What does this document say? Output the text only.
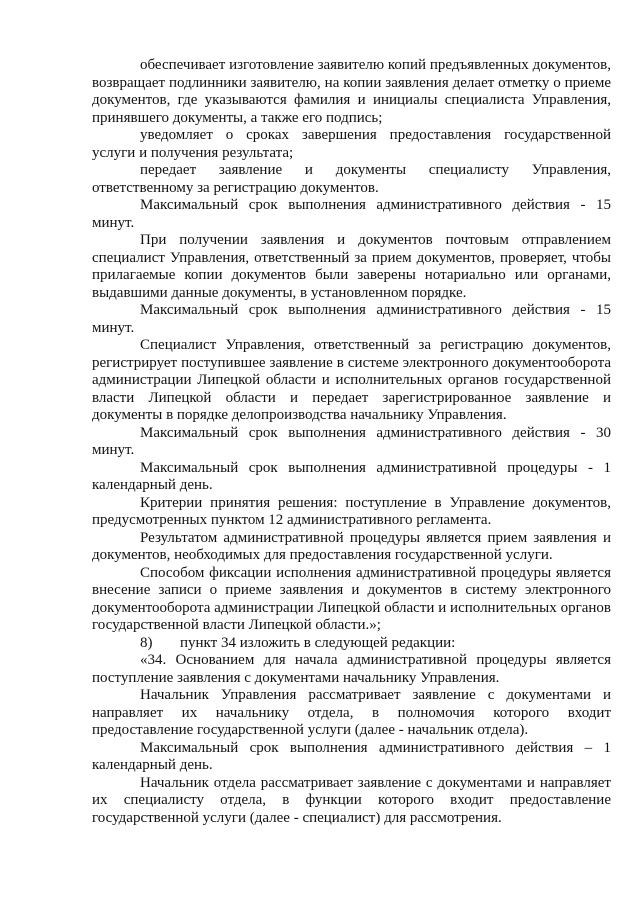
обеспечивает изготовление заявителю копий предъявленных документов, возвращает подлинники заявителю, на копии заявления делает отметку о приеме документов, где указываются фамилия и инициалы специалиста Управления, принявшего документы, а также его подпись;

уведомляет о сроках завершения предоставления государственной услуги и получения результата;

передает заявление и документы специалисту Управления, ответственному за регистрацию документов.

Максимальный срок выполнения административного действия - 15 минут.

При получении заявления и документов почтовым отправлением специалист Управления, ответственный за прием документов, проверяет, чтобы прилагаемые копии документов были заверены нотариально или органами, выдавшими данные документы, в установленном порядке.

Максимальный срок выполнения административного действия - 15 минут.

Специалист Управления, ответственный за регистрацию документов, регистрирует поступившее заявление в системе электронного документооборота администрации Липецкой области и исполнительных органов государственной власти Липецкой области и передает зарегистрированное заявление и документы в порядке делопроизводства начальнику Управления.

Максимальный срок выполнения административного действия - 30 минут.

Максимальный срок выполнения административной процедуры - 1 календарный день.

Критерии принятия решения: поступление в Управление документов, предусмотренных пунктом 12 административного регламента.

Результатом административной процедуры является прием заявления и документов, необходимых для предоставления государственной услуги.

Способом фиксации исполнения административной процедуры является внесение записи о приеме заявления и документов в систему электронного документооборота администрации Липецкой области и исполнительных органов государственной власти Липецкой области.»;

8)	пункт 34 изложить в следующей редакции:

«34. Основанием для начала административной процедуры является поступление заявления с документами начальнику Управления.

Начальник Управления рассматривает заявление с документами и направляет их начальнику отдела, в полномочия которого входит предоставление государственной услуги (далее - начальник отдела).

Максимальный срок выполнения административного действия – 1 календарный день.

Начальник отдела рассматривает заявление с документами и направляет их специалисту отдела, в функции которого входит предоставление государственной услуги (далее - специалист) для рассмотрения.
